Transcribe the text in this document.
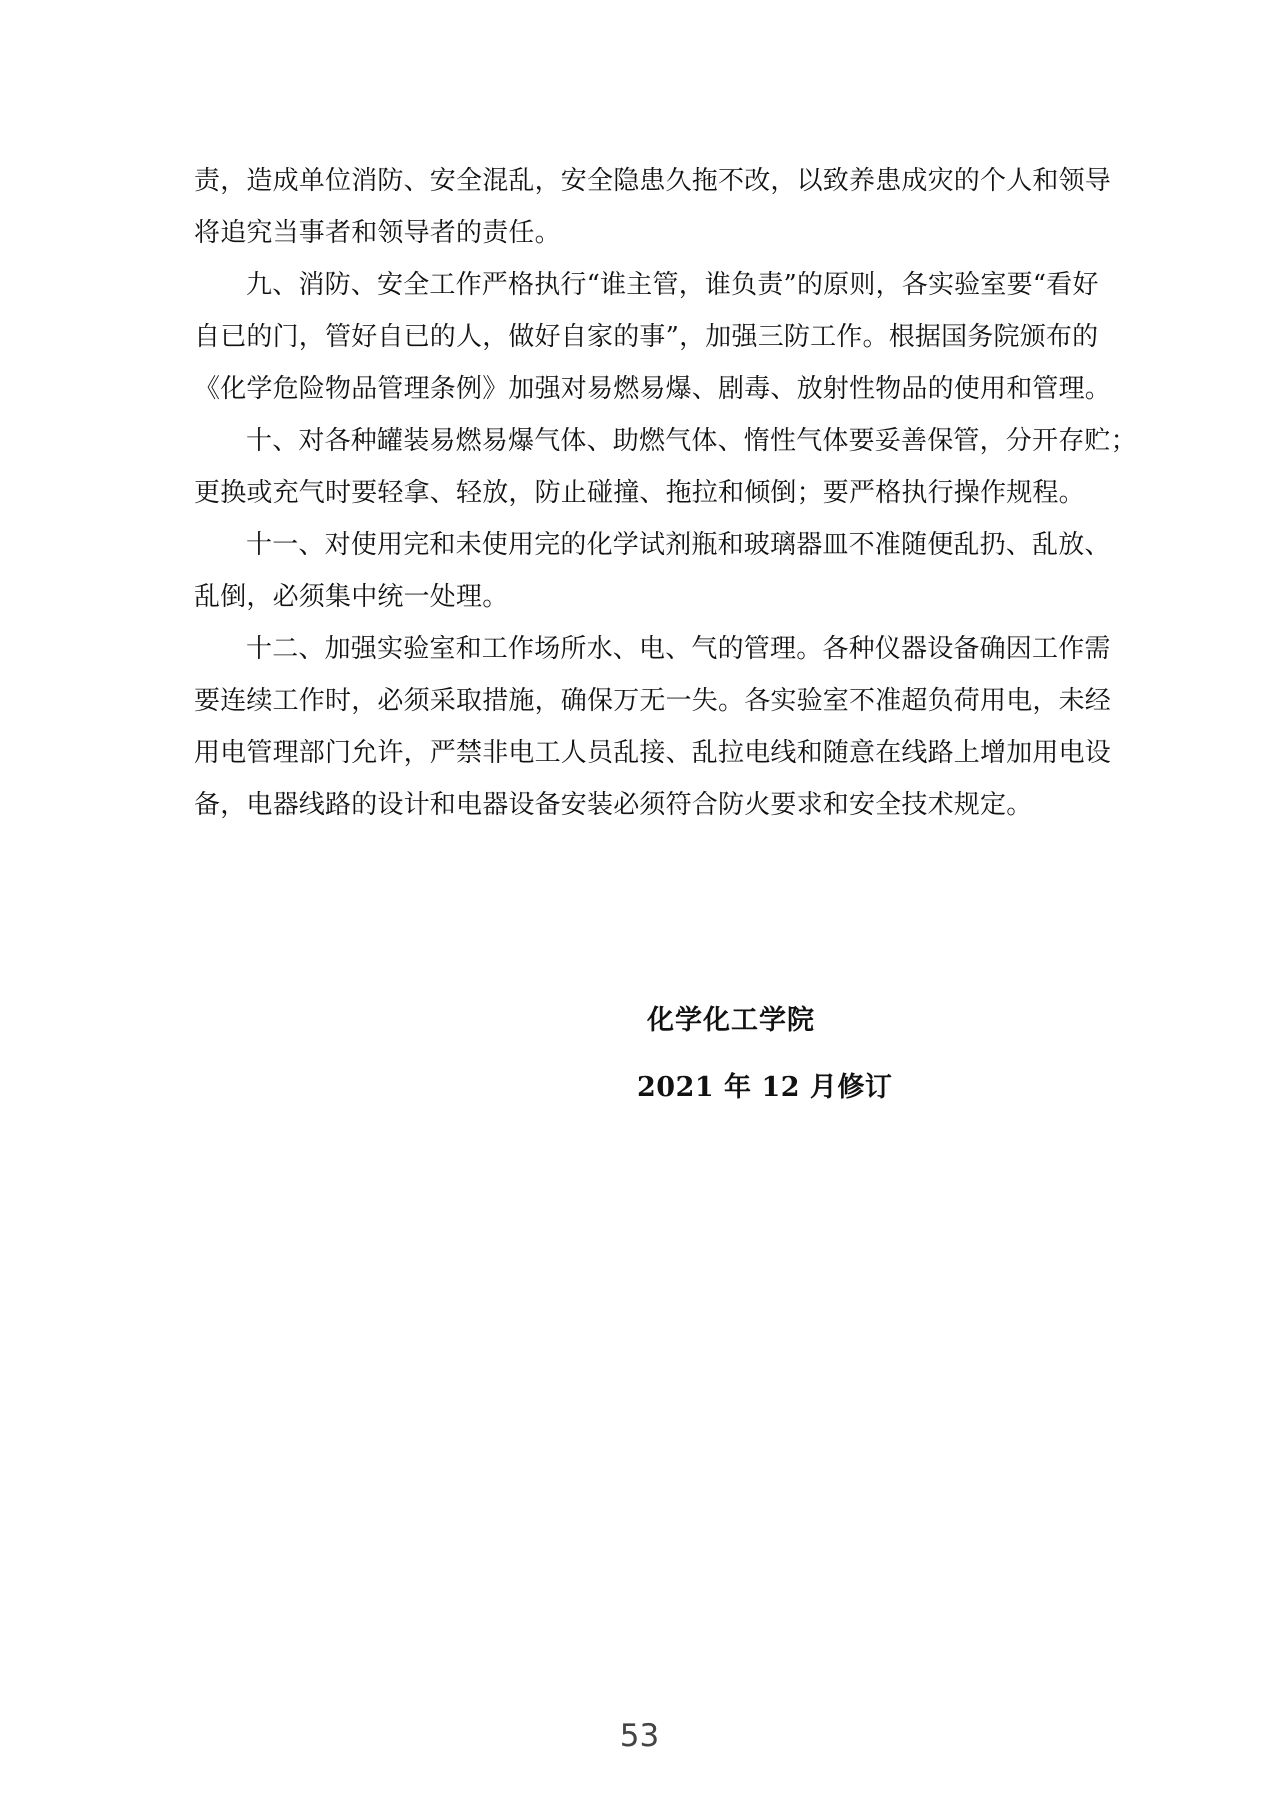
责，造成单位消防、安全混乱，安全隐患久拖不改，以致养患成灾的个人和领导
将追究当事者和领导者的责任。
九、消防、安全工作严格执行“谁主管，谁负责”的原则，各实验室要“看好
自已的门，管好自已的人，做好自家的事”，加强三防工作。根据国务院颁布的
《化学危险物品管理条例》加强对易燃易爆、剧毒、放射性物品的使用和管理。
十、对各种罐装易燃易爆气体、助燃气体、惰性气体要妥善保管，分开存贮；
更换或充气时要轻拿、轻放，防止碰撞、拖拉和倾倒；要严格执行操作规程。
十一、对使用完和未使用完的化学试剂瓶和玻璃器皿不准随便乱扔、乱放、
乱倒，必须集中统一处理。
十二、加强实验室和工作场所水、电、气的管理。各种仪器设备确因工作需
要连续工作时，必须采取措施，确保万无一失。各实验室不准超负荷用电，未经
用电管理部门允许，严禁非电工人员乱接、乱拉电线和随意在线路上增加用电设
备，电器线路的设计和电器设备安装必须符合防火要求和安全技术规定。
化学化工学院
2021 年 12 月修订
53
